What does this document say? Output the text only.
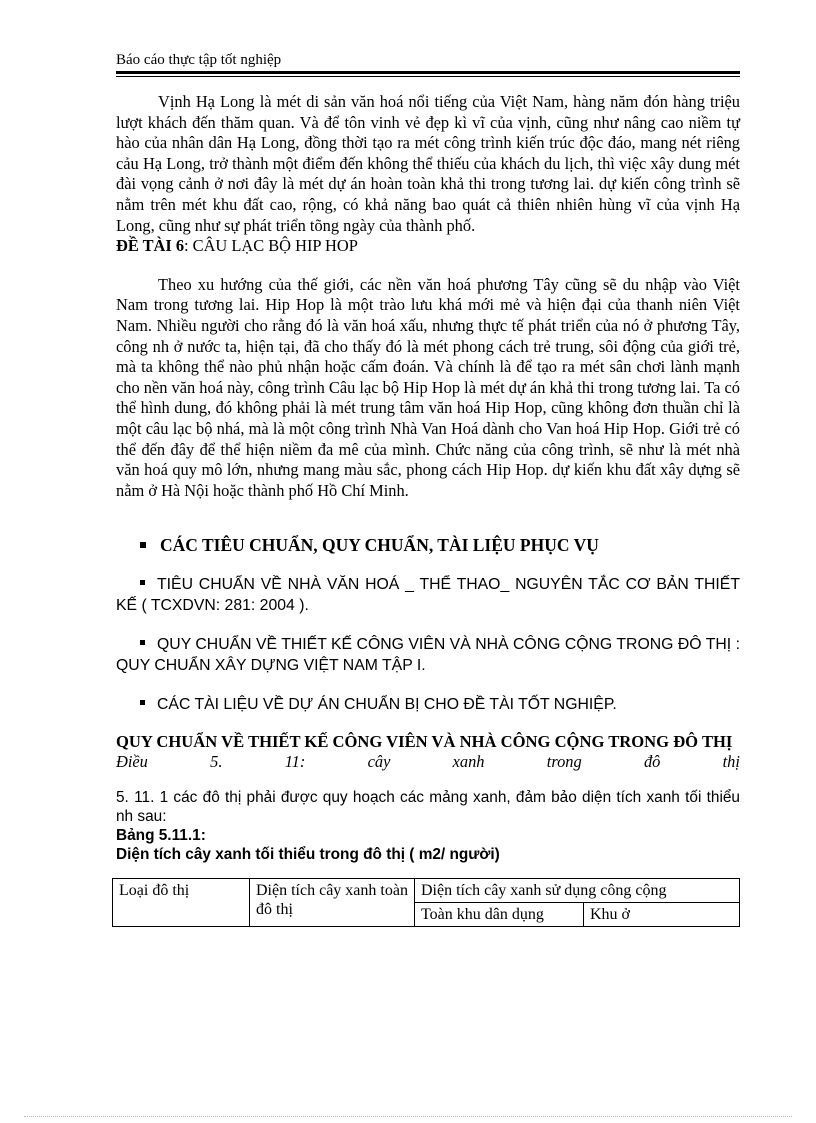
Báo cáo thực tập tốt nghiệp

Vịnh Hạ Long là mét di sản văn hoá nổi tiếng của Việt Nam, hàng năm đón hàng triệu lượt khách đến thăm quan. Và để tôn vinh vẻ đẹp kì vĩ của vịnh, cũng như nâng cao niềm tự hào của nhân dân Hạ Long, đồng thời tạo ra mét công trình kiến trúc độc đáo, mang nét riêng cảu Hạ Long, trở thành một điểm đến không thể thiếu của khách du lịch, thì việc xây dung mét đài vọng cảnh ở nơi đây là mét dự án hoàn toàn khả thi trong tương lai. dự kiến công trình sẽ nằm trên mét khu đất cao, rộng, có khả năng bao quát cả thiên nhiên hùng vĩ của vịnh Hạ Long, cũng như sự phát triển tõng ngày của thành phố.

ĐỀ TÀI 6: CÂU LẠC BỘ HIP HOP

Theo xu hướng của thế giới, các nền văn hoá phương Tây cũng sẽ du nhập vào Việt Nam trong tương lai. Hip Hop là một trào lưu khá mới mẻ và hiện đại của thanh niên Việt Nam. Nhiều người cho rằng đó là văn hoá xấu, nhưng thực tế phát triển của nó ở phương Tây, công nh ở nước ta, hiện tại, đã cho thấy đó là mét phong cách trẻ trung, sôi động của giới trẻ, mà ta không thể nào phủ nhận hoặc cấm đoán. Và chính là để tạo ra mét sân chơi lành mạnh cho nền văn hoá này, công trình Câu lạc bộ Hip Hop là mét dự án khả thi trong tương lai. Ta có thể hình dung, đó không phải là mét trung tâm văn hoá Hip Hop, cũng không đơn thuần chỉ là một câu lạc bộ nhá, mà là một công trình Nhà Van Hoá dành cho Van hoá Hip Hop. Giới trẻ có thể đến đây để thể hiện niềm đa mê của mình. Chức năng của công trình, sẽ như là mét nhà văn hoá quy mô lớn, nhưng mang màu sắc, phong cách Hip Hop. dự kiến khu đất xây dựng sẽ nằm ở Hà Nội hoặc thành phố Hồ Chí Minh.

CÁC TIÊU CHUẨN, QUY CHUẨN, TÀI LIỆU PHỤC VỤ

TIÊU CHUẨN VỀ NHÀ VĂN HOÁ _ THỂ THAO_ NGUYÊN TẮC CƠ BẢN THIẾT KẾ ( TCXDVN: 281: 2004 ).

QUY CHUẨN VỀ THIẾT KẾ CÔNG VIÊN VÀ NHÀ CÔNG CỘNG TRONG ĐÔ THỊ : QUY CHUẨN XÂY DỰNG VIỆT NAM TẬP I.

CÁC TÀI LIỆU VỀ DỰ ÁN CHUẨN BỊ CHO ĐỀ TÀI TỐT NGHIỆP.

QUY CHUẨN VỀ THIẾT KẾ CÔNG VIÊN VÀ NHÀ CÔNG CỘNG TRONG ĐÔ THỊ

Điều	5.	11:	cây	xanh	trong	đô	thị

5. 11. 1 các đô thị phải được quy hoạch các mảng xanh, đảm bảo diện tích xanh tối thiểu nh sau:

Bảng 5.11.1:

Diện tích cây xanh tối thiểu trong đô thị ( m2/ người)

Loại đô thị	Diện tích cây xanh toàn đô thị	Diện tích cây xanh sử dụng công cộng	
		Toàn khu dân dụng	Khu ở
